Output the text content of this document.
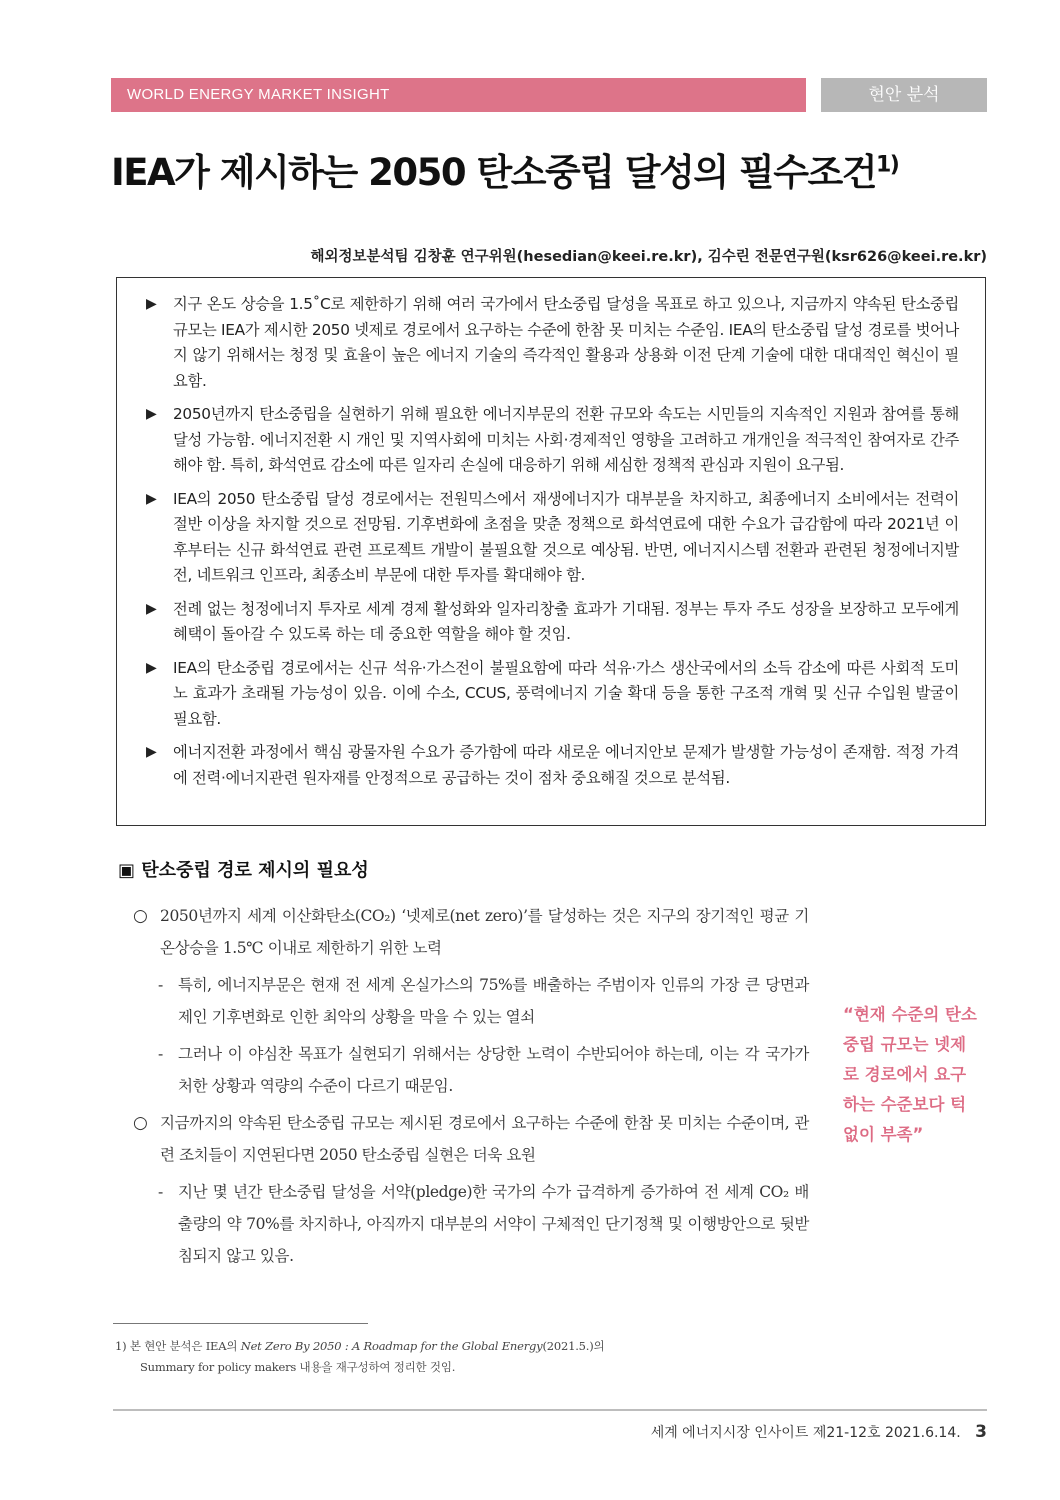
WORLD ENERGY MARKET INSIGHT	현안 분석
IEA가 제시하는 2050 탄소중립 달성의 필수조건$^{1)}$
해외정보분석팀 김창훈 연구위원(hesedian@keei.re.kr), 김수린 전문연구원(ksr626@keei.re.kr)
▶	지구 온도 상승을 1.5˚C로 제한하기 위해 여러 국가에서 탄소중립 달성을 목표로 하고 있으나, 지금까지 약속된 탄소중립 규모는 IEA가 제시한 2050 넷제로 경로에서 요구하는 수준에 한참 못 미치는 수준임. IEA의 탄소중립 달성 경로를 벗어나지 않기 위해서는 청정 및 효율이 높은 에너지 기술의 즉각적인 활용과 상용화 이전 단계 기술에 대한 대대적인 혁신이 필요함.
▶	2050년까지 탄소중립을 실현하기 위해 필요한 에너지부문의 전환 규모와 속도는 시민들의 지속적인 지원과 참여를 통해 달성 가능함. 에너지전환 시 개인 및 지역사회에 미치는 사회·경제적인 영향을 고려하고 개개인을 적극적인 참여자로 간주해야 함. 특히, 화석연료 감소에 따른 일자리 손실에 대응하기 위해 세심한 정책적 관심과 지원이 요구됨.
▶	IEA의 2050 탄소중립 달성 경로에서는 전원믹스에서 재생에너지가 대부분을 차지하고, 최종에너지 소비에서는 전력이 절반 이상을 차지할 것으로 전망됨. 기후변화에 초점을 맞춘 정책으로 화석연료에 대한 수요가 급감함에 따라 2021년 이후부터는 신규 화석연료 관련 프로젝트 개발이 불필요할 것으로 예상됨. 반면, 에너지시스템 전환과 관련된 청정에너지발전, 네트워크 인프라, 최종소비 부문에 대한 투자를 확대해야 함.
▶	전례 없는 청정에너지 투자로 세계 경제 활성화와 일자리창출 효과가 기대됨. 정부는 투자 주도 성장을 보장하고 모두에게 혜택이 돌아갈 수 있도록 하는 데 중요한 역할을 해야 할 것임.
▶	IEA의 탄소중립 경로에서는 신규 석유·가스전이 불필요함에 따라 석유·가스 생산국에서의 소득 감소에 따른 사회적 도미노 효과가 초래될 가능성이 있음. 이에 수소, CCUS, 풍력에너지 기술 확대 등을 통한 구조적 개혁 및 신규 수입원 발굴이 필요함.
▶	에너지전환 과정에서 핵심 광물자원 수요가 증가함에 따라 새로운 에너지안보 문제가 발생할 가능성이 존재함. 적정 가격에 전력·에너지관련 원자재를 안정적으로 공급하는 것이 점차 중요해질 것으로 분석됨.
▣ 탄소중립 경로 제시의 필요성
○ 2050년까지 세계 이산화탄소(CO₂) ‘넷제로(net zero)’를 달성하는 것은 지구의 장기적인 평균 기온상승을 1.5℃ 이내로 제한하기 위한 노력
- 특히, 에너지부문은 현재 전 세계 온실가스의 75%를 배출하는 주범이자 인류의 가장 큰 당면과제인 기후변화로 인한 최악의 상황을 막을 수 있는 열쇠
- 그러나 이 야심찬 목표가 실현되기 위해서는 상당한 노력이 수반되어야 하는데, 이는 각 국가가 처한 상황과 역량의 수준이 다르기 때문임.
○ 지금까지의 약속된 탄소중립 규모는 제시된 경로에서 요구하는 수준에 한참 못 미치는 수준이며, 관련 조치들이 지연된다면 2050 탄소중립 실현은 더욱 요원
- 지난 몇 년간 탄소중립 달성을 서약(pledge)한 국가의 수가 급격하게 증가하여 전 세계 CO₂ 배출량의 약 70%를 차지하나, 아직까지 대부분의 서약이 구체적인 단기정책 및 이행방안으로 뒷받침되지 않고 있음.
“현재 수준의 탄소중립 규모는 넷제로 경로에서 요구하는 수준보다 턱없이 부족”
1) 본 현안 분석은 IEA의 Net Zero By 2050 : A Roadmap for the Global Energy(2021.5.)의
Summary for policy makers 내용을 재구성하여 정리한 것임.
세계 에너지시장 인사이트 제21-12호 2021.6.14. 3
